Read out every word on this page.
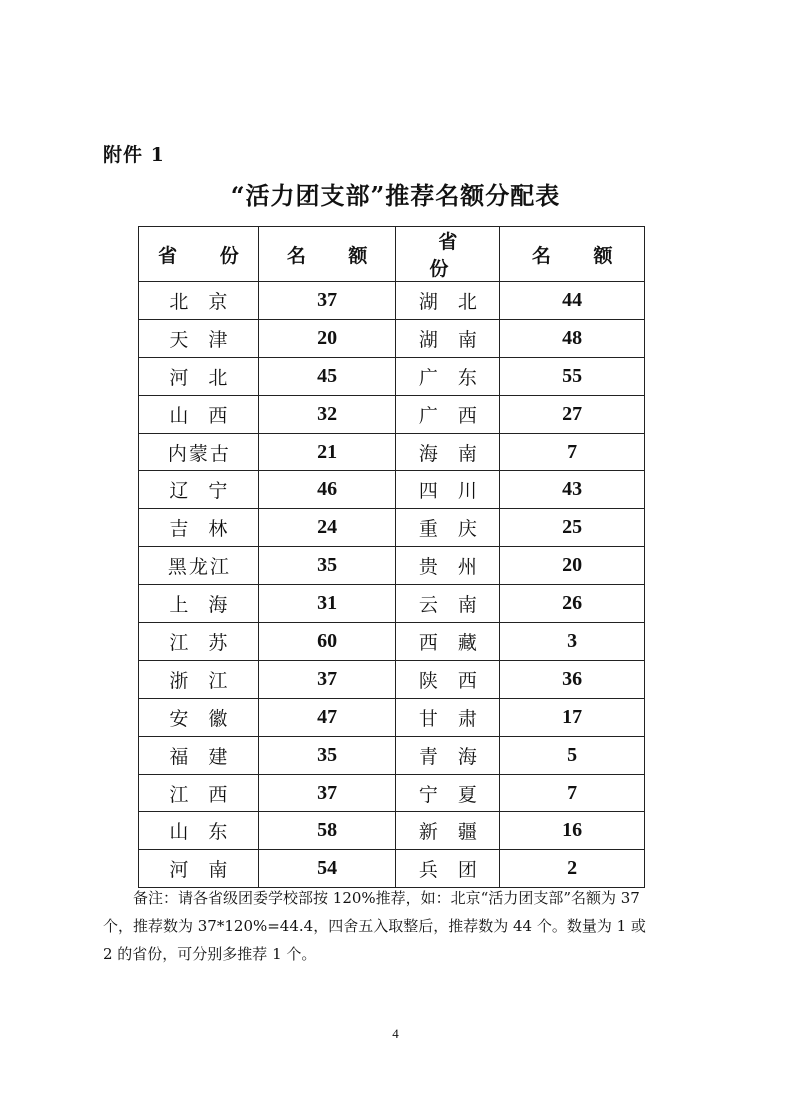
附件 1
“活力团支部”推荐名额分配表
省 份	名 额	省 份	名 额
北京	37	湖北	44
天津	20	湖南	48
河北	45	广东	55
山西	32	广西	27
内蒙古	21	海南	7
辽宁	46	四川	43
吉林	24	重庆	25
黑龙江	35	贵州	20
上海	31	云南	26
江苏	60	西藏	3
浙江	37	陕西	36
安徽	47	甘肃	17
福建	35	青海	5
江西	37	宁夏	7
山东	58	新疆	16
河南	54	兵团	2
备注：请各省级团委学校部按 120%推荐，如：北京“活力团支部”名额为 37 个，推荐数为 37*120%=44.4，四舍五入取整后，推荐数为 44 个。数量为 1 或 2 的省份，可分别多推荐 1 个。
4
